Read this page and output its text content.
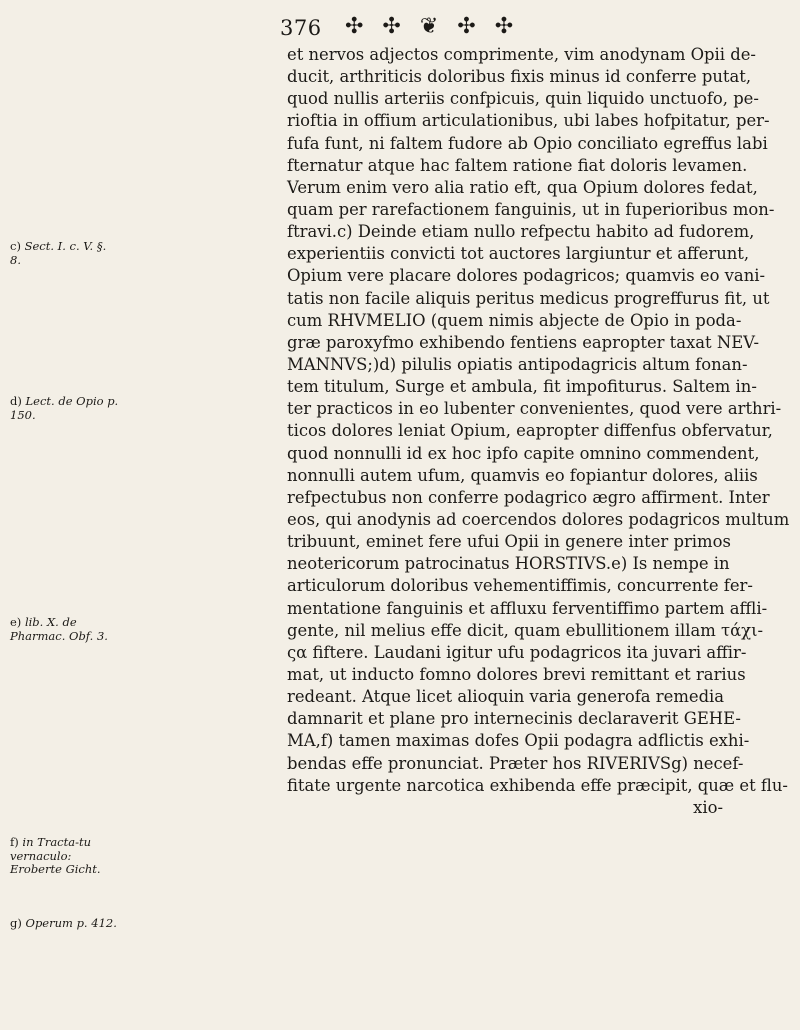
376 ✣ ✣ ❦ ✣ ✣
et nervos adjectos comprimente, vim anodynam Opii de-
ducit, arthriticis doloribus fixis minus id conferre putat,
quod nullis arteriis confpicuis, quin liquido unctuofo, pe-
rioftia in offium articulationibus, ubi labes hofpitatur, per-
fufa funt, ni faltem fudore ab Opio conciliato egreffus labi
fternatur atque hac faltem ratione fiat doloris levamen.
Verum enim vero alia ratio eft, qua Opium dolores fedat,
quam per rarefactionem fanguinis, ut in fuperioribus mon-
ftravi.c) Deinde etiam nullo refpectu habito ad fudorem,
experientiis convicti tot auctores largiuntur et afferunt,
Opium vere placare dolores podagricos; quamvis eo vani-
tatis non facile aliquis peritus medicus progreffurus fit, ut
cum RHVMELIO (quem nimis abjecte de Opio in poda-
græ paroxyfmo exhibendo fentiens eapropter taxat NEV-
MANNVS;)d) pilulis opiatis antipodagricis altum fonan-
tem titulum, Surge et ambula, fit impofiturus. Saltem in-
ter practicos in eo lubenter convenientes, quod vere arthri-
ticos dolores leniat Opium, eapropter diffenfus obfervatur,
quod nonnulli id ex hoc ipfo capite omnino commendent,
nonnulli autem ufum, quamvis eo fopiantur dolores, aliis
refpectubus non conferre podagrico ægro affirment. Inter
eos, qui anodynis ad coercendos dolores podagricos multum
tribuunt, eminet fere ufui Opii in genere inter primos
neotericorum patrocinatus HORSTIVS.e) Is nempe in
articulorum doloribus vehementiffimis, concurrente fer-
mentatione fanguinis et affluxu ferventiffimo partem affli-
gente, nil melius effe dicit, quam ebullitionem illam τάχι-
ςα fiftere. Laudani igitur ufu podagricos ita juvari affir-
mat, ut inducto fomno dolores brevi remittant et rarius
redeant. Atque licet alioquin varia generofa remedia
damnarit et plane pro internecinis declaraverit GEHE-
MA,f) tamen maximas dofes Opii podagra adflictis exhi-
bendas effe pronunciat. Præter hos RIVERIVSg) necef-
fitate urgente narcotica exhibenda effe præcipit, quæ et flu-
xio-
c) Sect. I. c. V. §. 8.
d) Lect. de Opio p. 150.
e) lib. X. de Pharmac. Obf. 3.
f) in Tracta-tu vernaculo: Eroberte Gicht.
g) Operum p. 412.
